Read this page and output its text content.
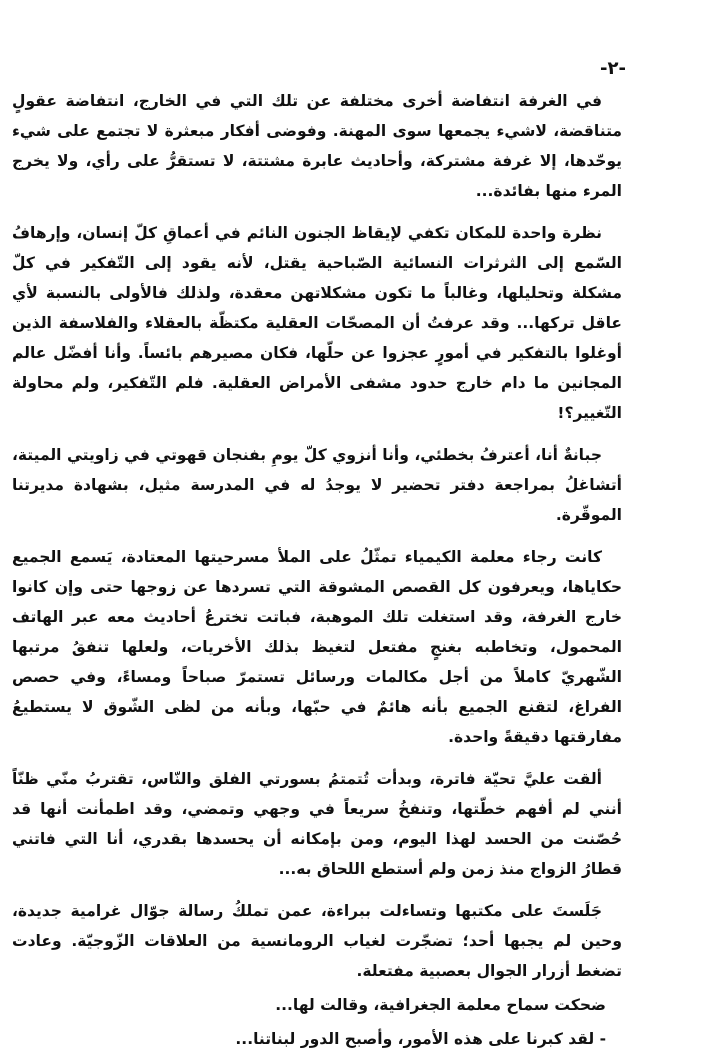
-٢-

في الغرفة انتفاضة أخرى مختلفة عن تلك التي في الخارج، انتفاضة عقولٍ متناقضة، لاشيء يجمعها سوى المهنة. وفوضى أفكار مبعثرة لا تجتمع على شيء يوحّدها، إلا غرفة مشتركة، وأحاديث عابرة مشتتة، لا تستقرُّ على رأي، ولا يخرج المرء منها بفائدة...

نظرة واحدة للمكان تكفي لإيقاظ الجنون النائم في أعماقِ كلّ إنسان، وإرهافُ السّمع إلى الثرثرات النسائية الصّباحية يقتل، لأنه يقود إلى التّفكير في كلّ مشكلة وتحليلها، وغالباً ما تكون مشكلاتهن معقدة، ولذلك فالأولى بالنسبة لأي عاقل تركها... وقد عرفتُ أن المصحّات العقلية مكتظّة بالعقلاء والفلاسفة الذين أوغلوا بالتفكير في أمورٍ عجزوا عن حلّها، فكان مصيرهم بائساً. وأنا أفضّل عالم المجانين ما دام خارج حدود مشفى الأمراض العقلية. فلم التّفكير، ولم محاولة التّغيير؟!

جبانةٌ أنا، أعترفُ بخطئي، وأنا أنزوي كلّ يومِ بفنجان قهوتي في زاويتي الميتة، أتشاغلُ بمراجعة دفتر تحضير لا يوجدُ له في المدرسة مثيل، بشهادة مديرتنا الموقّرة.

كانت رجاء معلمة الكيمياء تمثّلُ على الملأ مسرحيتها المعتادة، يَسمع الجميع حكاياها، ويعرفون كل القصص المشوقة التي تسردها عن زوجها حتى وإن كانوا خارج الغرفة، وقد استغلت تلك الموهبة، فباتت تخترعُ أحاديث معه عبر الهاتف المحمول، وتخاطبه بغنجٍ مفتعل لتغيظ بذلك الأخريات، ولعلها تنفقُ مرتبها الشّهريّ كاملاً من أجل مكالمات ورسائل تستمرّ صباحاً ومساءً، وفي حصص الفراغ، لتقنع الجميع بأنه هائمٌ في حبّها، وبأنه من لظى الشّوق لا يستطيعُ مفارقتها دقيقةً واحدة.

ألقت عليَّ تحيّة فاترة، وبدأت تُتمتمُ بسورتي الفلق والنّاس، تقتربُ منّي ظنّاً أنني لم أفهم خطّتها، وتنفخُ سريعاً في وجهي وتمضي، وقد اطمأنت أنها قد حُصّنت من الحسد لهذا اليوم، ومن بإمكانه أن يحسدها بقدري، أنا التي فاتني قطارُ الزواج منذ زمن ولم أستطع اللحاق به...

جَلَستَ على مكتبها وتساءلت ببراءة، عمن تملكُ رسالة جوّال غرامية جديدة، وحين لم يجبها أحد؛ تضجّرت لغياب الرومانسية من العلاقات الزّوجيّة. وعادت تضغط أزرار الجوال بعصبية مفتعلة.

ضحكت سماح معلمة الجغرافية، وقالت لها...

- لقد كبرنا على هذه الأمور، وأصبح الدور لبناتنا...
